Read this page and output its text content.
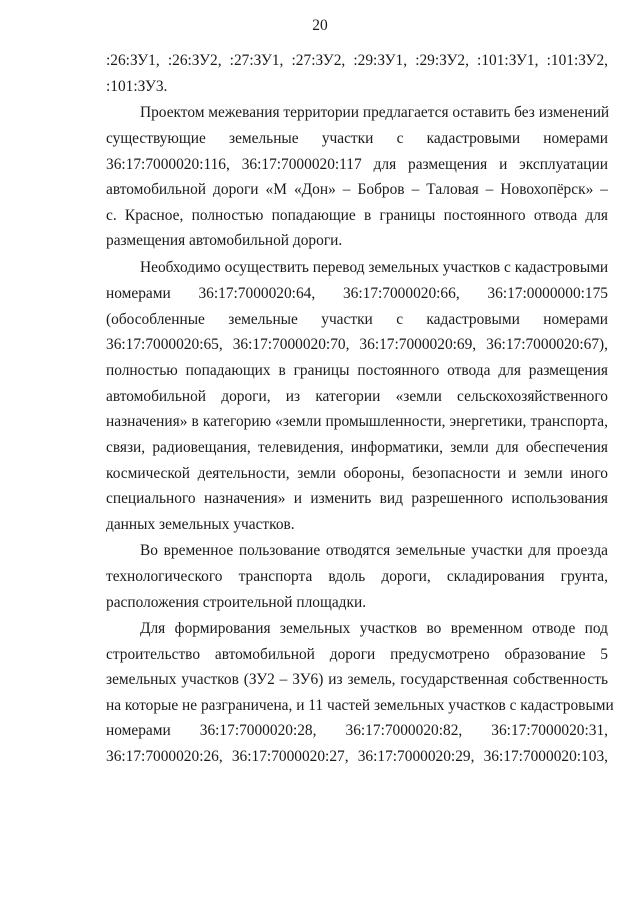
20
:26:ЗУ1, :26:ЗУ2, :27:ЗУ1, :27:ЗУ2, :29:ЗУ1, :29:ЗУ2, :101:ЗУ1, :101:ЗУ2,
:101:ЗУ3.
Проектом межевания территории предлагается оставить без изменений
существующие земельные участки с кадастровыми номерами
36:17:7000020:116, 36:17:7000020:117 для размещения и эксплуатации
автомобильной дороги «М «Дон» – Бобров – Таловая – Новохопёрск» –
с. Красное, полностью попадающие в границы постоянного отвода для
размещения автомобильной дороги.
Необходимо осуществить перевод земельных участков с кадастровыми
номерами 36:17:7000020:64, 36:17:7000020:66, 36:17:0000000:175
(обособленные земельные участки с кадастровыми номерами
36:17:7000020:65, 36:17:7000020:70, 36:17:7000020:69, 36:17:7000020:67),
полностью попадающих в границы постоянного отвода для размещения
автомобильной дороги, из категории «земли сельскохозяйственного
назначения» в категорию «земли промышленности, энергетики, транспорта,
связи, радиовещания, телевидения, информатики, земли для обеспечения
космической деятельности, земли обороны, безопасности и земли иного
специального назначения» и изменить вид разрешенного использования
данных земельных участков.
Во временное пользование отводятся земельные участки для проезда
технологического транспорта вдоль дороги, складирования грунта,
расположения строительной площадки.
Для формирования земельных участков во временном отводе под
строительство автомобильной дороги предусмотрено образование 5
земельных участков (ЗУ2 – ЗУ6) из земель, государственная собственность
на которые не разграничена, и 11 частей земельных участков с кадастровыми
номерами 36:17:7000020:28, 36:17:7000020:82, 36:17:7000020:31,
36:17:7000020:26, 36:17:7000020:27, 36:17:7000020:29, 36:17:7000020:103,
